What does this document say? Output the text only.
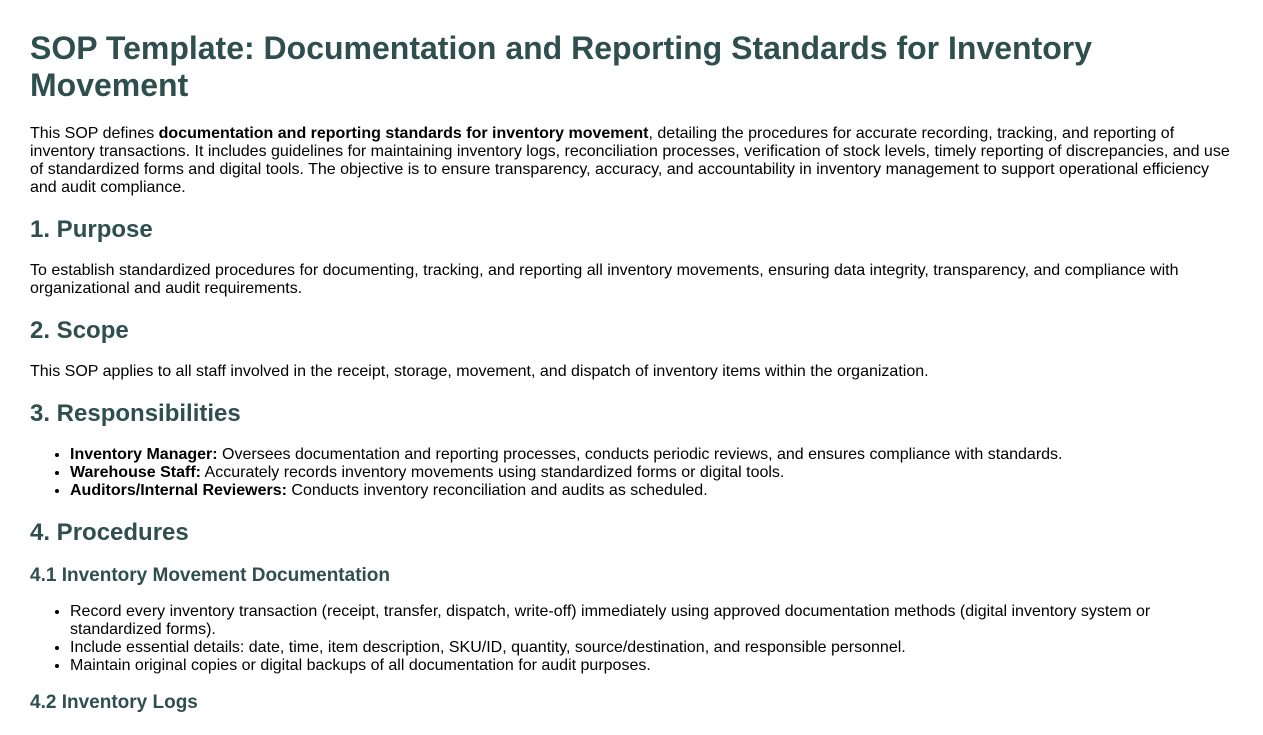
SOP Template: Documentation and Reporting Standards for Inventory Movement

This SOP defines documentation and reporting standards for inventory movement, detailing the procedures for accurate recording, tracking, and reporting of inventory transactions. It includes guidelines for maintaining inventory logs, reconciliation processes, verification of stock levels, timely reporting of discrepancies, and use of standardized forms and digital tools. The objective is to ensure transparency, accuracy, and accountability in inventory management to support operational efficiency and audit compliance.

1. Purpose

To establish standardized procedures for documenting, tracking, and reporting all inventory movements, ensuring data integrity, transparency, and compliance with organizational and audit requirements.

2. Scope

This SOP applies to all staff involved in the receipt, storage, movement, and dispatch of inventory items within the organization.

3. Responsibilities
• Inventory Manager: Oversees documentation and reporting processes, conducts periodic reviews, and ensures compliance with standards.
• Warehouse Staff: Accurately records inventory movements using standardized forms or digital tools.
• Auditors/Internal Reviewers: Conducts inventory reconciliation and audits as scheduled.
4. Procedures
4.1 Inventory Movement Documentation
• Record every inventory transaction (receipt, transfer, dispatch, write-off) immediately using approved documentation methods (digital inventory system or standardized forms).
• Include essential details: date, time, item description, SKU/ID, quantity, source/destination, and responsible personnel.
• Maintain original copies or digital backups of all documentation for audit purposes.
4.2 Inventory Logs
